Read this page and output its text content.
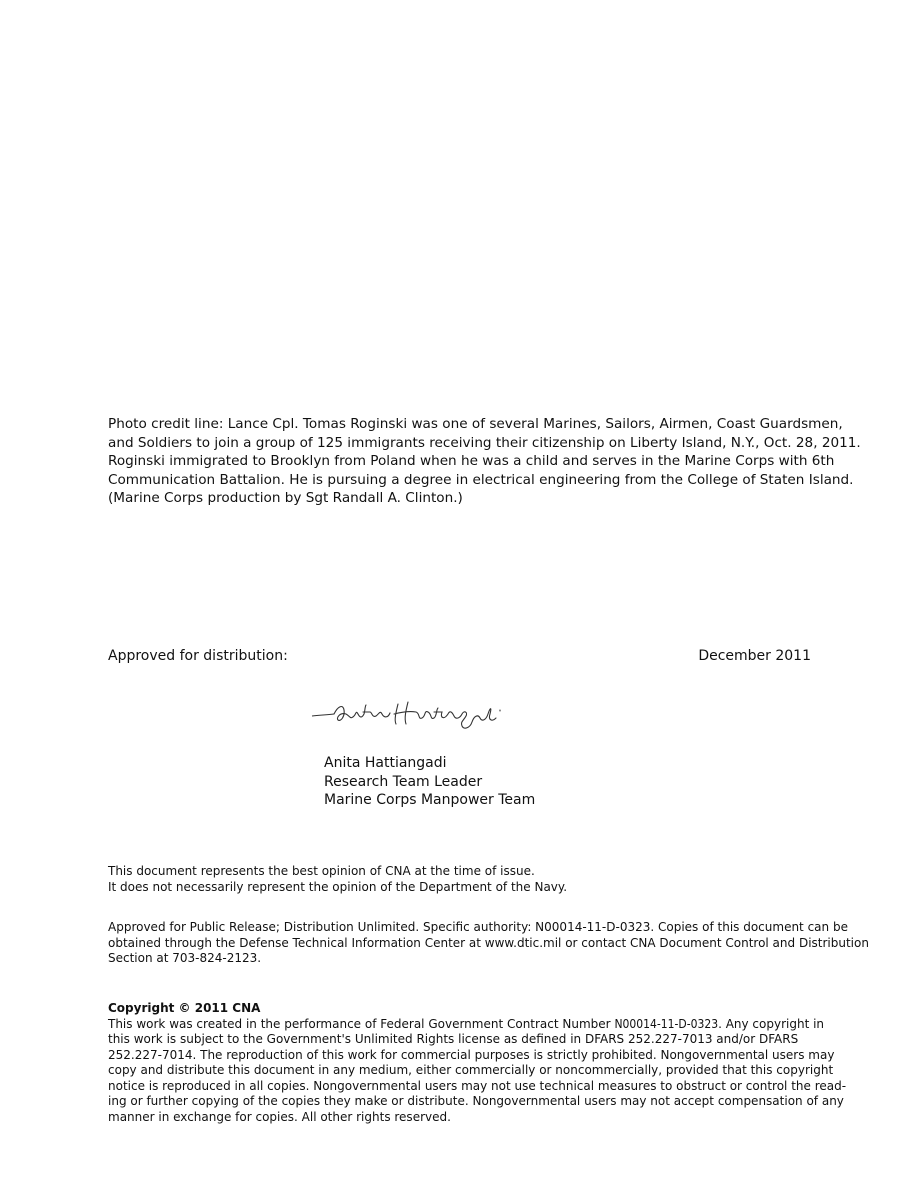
Photo credit line: Lance Cpl. Tomas Roginski was one of several Marines, Sailors, Airmen, Coast Guardsmen,
and Soldiers to join a group of 125 immigrants receiving their citizenship on Liberty Island, N.Y., Oct. 28, 2011.
Roginski immigrated to Brooklyn from Poland when he was a child and serves in the Marine Corps with 6th
Communication Battalion. He is pursuing a degree in electrical engineering from the College of Staten Island.
(Marine Corps production by Sgt Randall A. Clinton.)
Approved for distribution:	December 2011
Anita Hattiangadi
Research Team Leader
Marine Corps Manpower Team
This document represents the best opinion of CNA at the time of issue.
It does not necessarily represent the opinion of the Department of the Navy.
Approved for Public Release; Distribution Unlimited. Specific authority: N00014-11-D-0323. Copies of this document can be
obtained through the Defense Technical Information Center at www.dtic.mil or contact CNA Document Control and Distribution
Section at 703-824-2123.
Copyright © 2011 CNA
This work was created in the performance of Federal Government Contract Number N00014-11-D-0323. Any copyright in
this work is subject to the Government's Unlimited Rights license as defined in DFARS 252.227-7013 and/or DFARS
252.227-7014. The reproduction of this work for commercial purposes is strictly prohibited. Nongovernmental users may
copy and distribute this document in any medium, either commercially or noncommercially, provided that this copyright
notice is reproduced in all copies. Nongovernmental users may not use technical measures to obstruct or control the read-
ing or further copying of the copies they make or distribute. Nongovernmental users may not accept compensation of any
manner in exchange for copies. All other rights reserved.
